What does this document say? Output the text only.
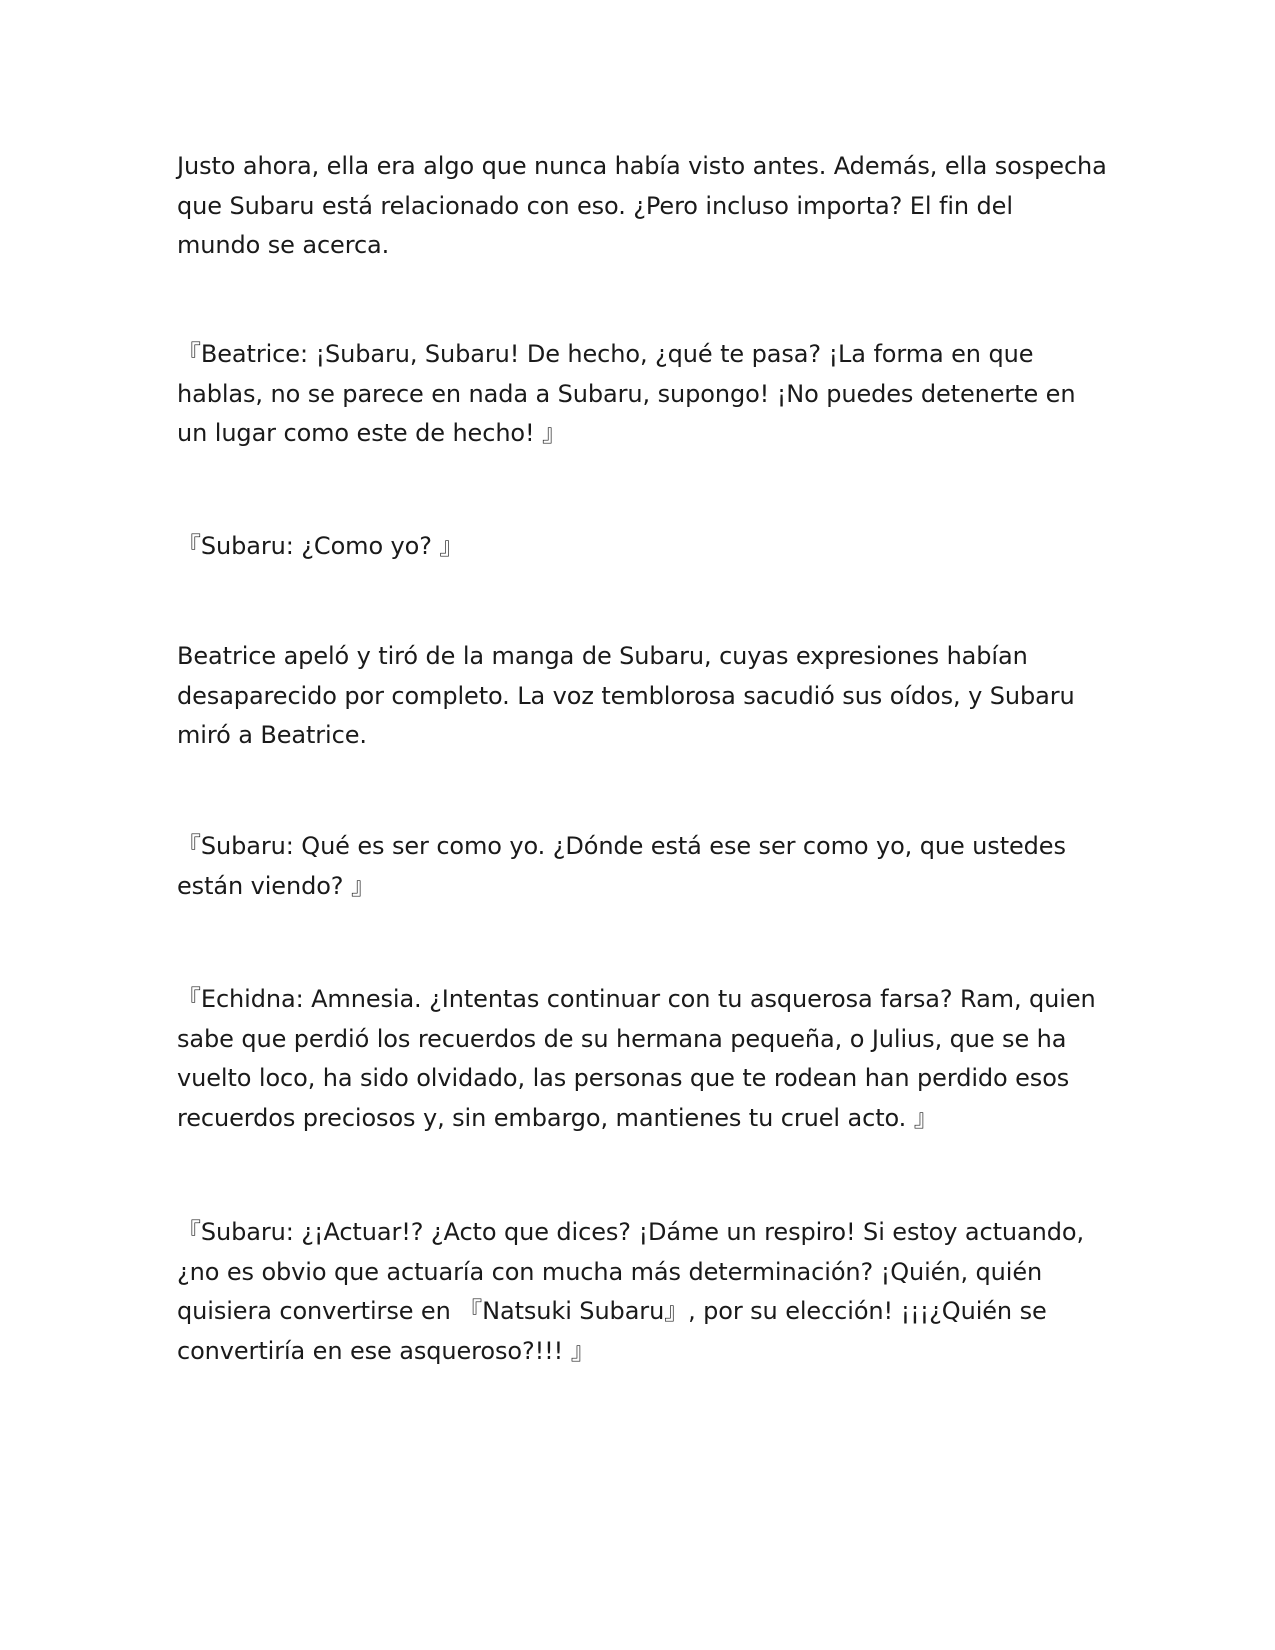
Justo ahora, ella era algo que nunca había visto antes. Además, ella sospecha
que Subaru está relacionado con eso. ¿Pero incluso importa? El fin del
mundo se acerca.

『Beatrice: ¡Subaru, Subaru! De hecho, ¿qué te pasa? ¡La forma en que
hablas, no se parece en nada a Subaru, supongo! ¡No puedes detenerte en
un lugar como este de hecho! 』

『Subaru: ¿Como yo? 』

Beatrice apeló y tiró de la manga de Subaru, cuyas expresiones habían
desaparecido por completo. La voz temblorosa sacudió sus oídos, y Subaru
miró a Beatrice.

『Subaru: Qué es ser como yo. ¿Dónde está ese ser como yo, que ustedes
están viendo? 』

『Echidna: Amnesia. ¿Intentas continuar con tu asquerosa farsa? Ram, quien
sabe que perdió los recuerdos de su hermana pequeña, o Julius, que se ha
vuelto loco, ha sido olvidado, las personas que te rodean han perdido esos
recuerdos preciosos y, sin embargo, mantienes tu cruel acto. 』

『Subaru: ¿¡Actuar!? ¿Acto que dices? ¡Dáme un respiro! Si estoy actuando,
¿no es obvio que actuaría con mucha más determinación? ¡Quién, quién
quisiera convertirse en 『Natsuki Subaru』, por su elección! ¡¡¡¿Quién se
convertiría en ese asqueroso?!!! 』
